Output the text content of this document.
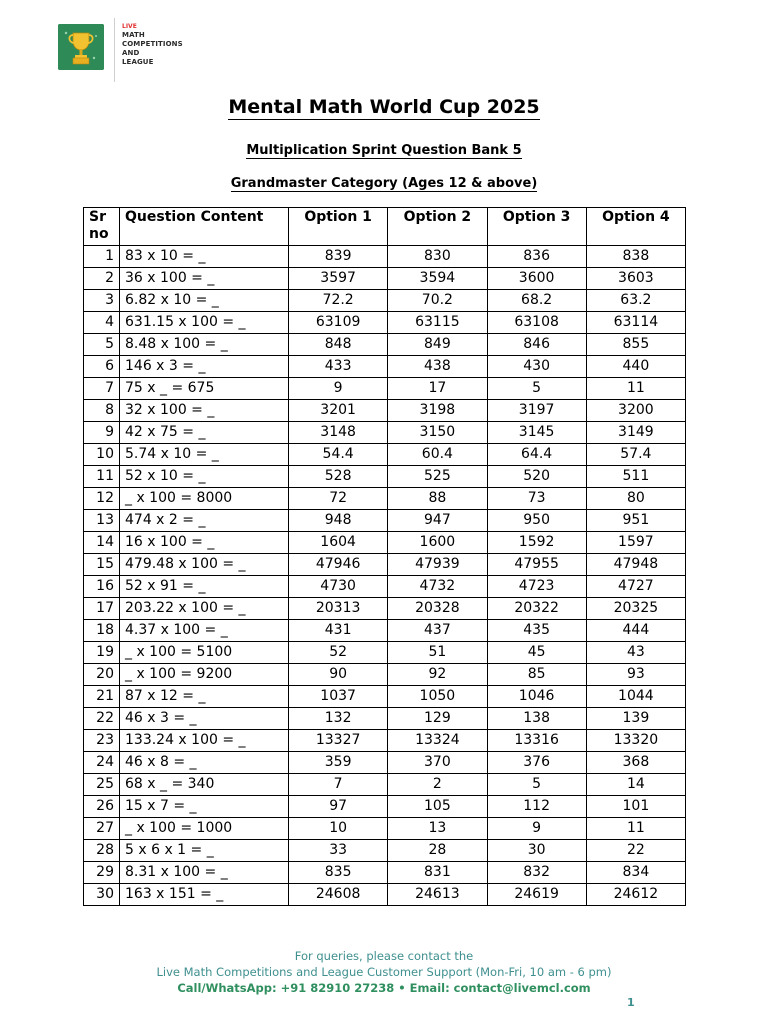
LIVE
MATH
COMPETITIONS
AND
LEAGUE
Mental Math World Cup 2025
Multiplication Sprint Question Bank 5
Grandmaster Category (Ages 12 & above)
Sr no	Question Content	Option 1	Option 2	Option 3	Option 4
1	83 x 10 = _	839	830	836	838
2	36 x 100 = _	3597	3594	3600	3603
3	6.82 x 10 = _	72.2	70.2	68.2	63.2
4	631.15 x 100 = _	63109	63115	63108	63114
5	8.48 x 100 = _	848	849	846	855
6	146 x 3 = _	433	438	430	440
7	75 x _ = 675	9	17	5	11
8	32 x 100 = _	3201	3198	3197	3200
9	42 x 75 = _	3148	3150	3145	3149
10	5.74 x 10 = _	54.4	60.4	64.4	57.4
11	52 x 10 = _	528	525	520	511
12	_ x 100 = 8000	72	88	73	80
13	474 x 2 = _	948	947	950	951
14	16 x 100 = _	1604	1600	1592	1597
15	479.48 x 100 = _	47946	47939	47955	47948
16	52 x 91 = _	4730	4732	4723	4727
17	203.22 x 100 = _	20313	20328	20322	20325
18	4.37 x 100 = _	431	437	435	444
19	_ x 100 = 5100	52	51	45	43
20	_ x 100 = 9200	90	92	85	93
21	87 x 12 = _	1037	1050	1046	1044
22	46 x 3 = _	132	129	138	139
23	133.24 x 100 = _	13327	13324	13316	13320
24	46 x 8 = _	359	370	376	368
25	68 x _ = 340	7	2	5	14
26	15 x 7 = _	97	105	112	101
27	_ x 100 = 1000	10	13	9	11
28	5 x 6 x 1 = _	33	28	30	22
29	8.31 x 100 = _	835	831	832	834
30	163 x 151 = _	24608	24613	24619	24612
For queries, please contact the
Live Math Competitions and League Customer Support (Mon-Fri, 10 am - 6 pm)
Call/WhatsApp: +91 82910 27238 • Email: contact@livemcl.com
1
